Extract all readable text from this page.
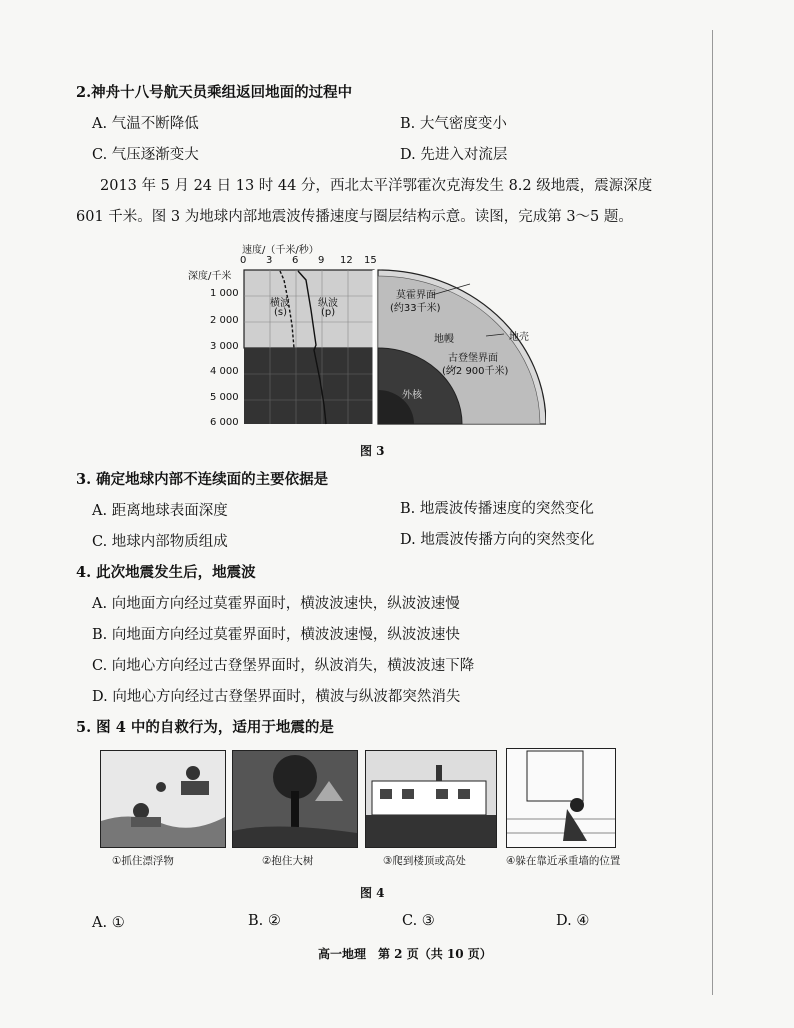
2.神舟十八号航天员乘组返回地面的过程中
A. 气温不断降低	B. 大气密度变小
C. 气压逐渐变大	D. 先进入对流层
2013 年 5 月 24 日 13 时 44 分，西北太平洋鄂霍次克海发生 8.2 级地震，震源深度
601 千米。图 3 为地球内部地震波传播速度与圈层结构示意。读图，完成第 3～5 题。
速度/（千米/秒）
0 3 6 9 12 15
深度/千米
1 000
2 000
3 000
4 000
5 000
6 000
横波
(s)
纵波
(p)
莫霍界面
(约33千米)
地幔	地壳
古登堡界面
(约2 900千米)
外核
图 3
3. 确定地球内部不连续面的主要依据是
A. 距离地球表面深度	B. 地震波传播速度的突然变化
C. 地球内部物质组成	D. 地震波传播方向的突然变化
4. 此次地震发生后，地震波
A. 向地面方向经过莫霍界面时，横波波速快，纵波波速慢
B. 向地面方向经过莫霍界面时，横波波速慢，纵波波速快
C. 向地心方向经过古登堡界面时，纵波消失，横波波速下降
D. 向地心方向经过古登堡界面时，横波与纵波都突然消失
5. 图 4 中的自救行为，适用于地震的是
①抓住漂浮物	②抱住大树	③爬到楼顶或高处	④躲在靠近承重墙的位置
图 4
A. ①	B. ②	C. ③	D. ④
高一地理　第 2 页（共 10 页）
